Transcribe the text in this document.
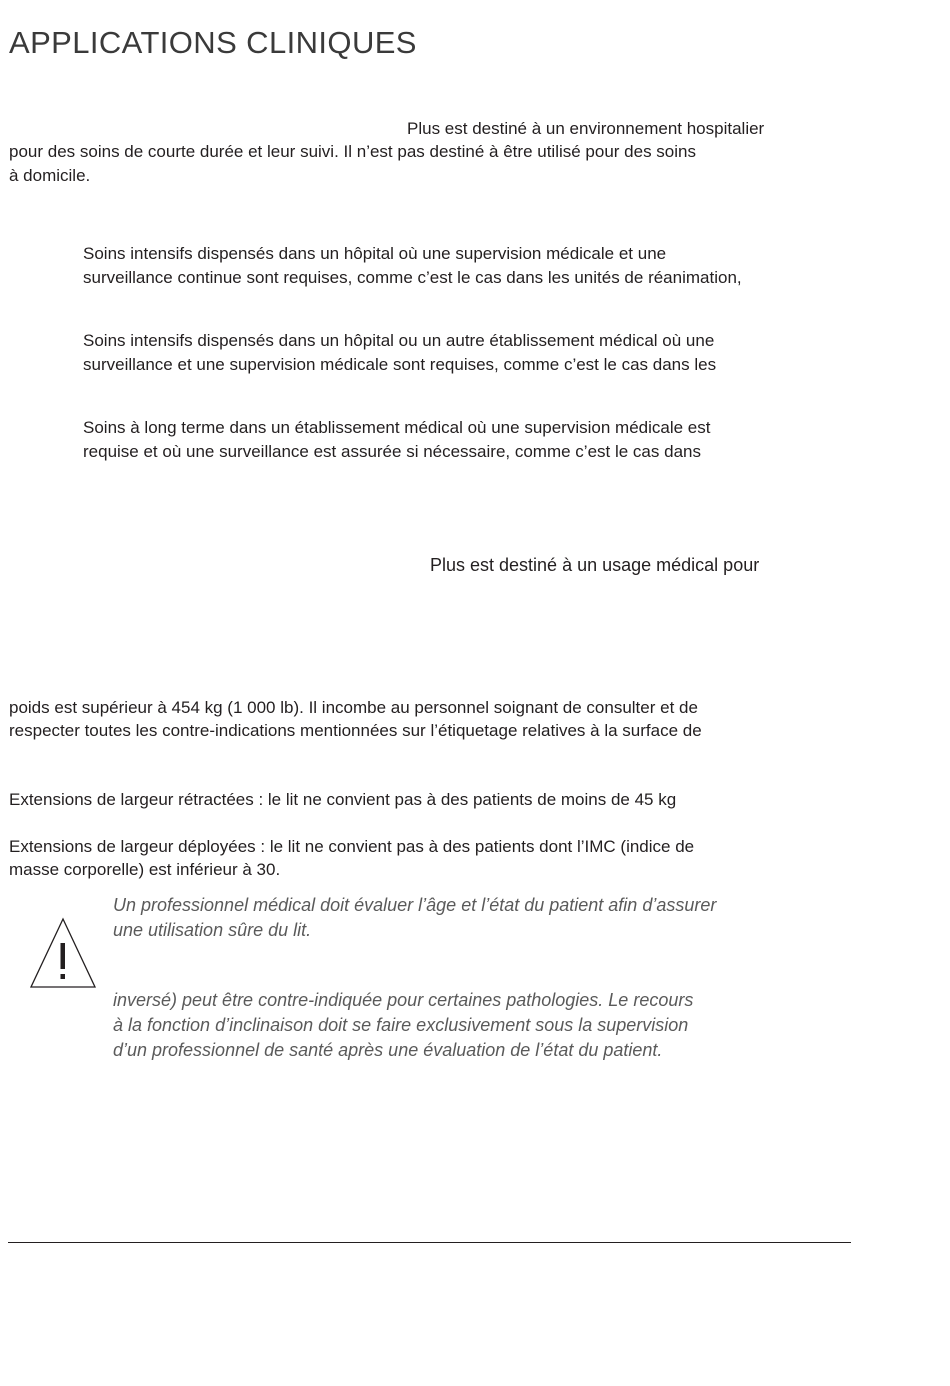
APPLICATIONS CLINIQUES
Plus est destiné à un environnement hospitalier
pour des soins de courte durée et leur suivi. Il n’est pas destiné à être utilisé pour des soins
à domicile.
Soins intensifs dispensés dans un hôpital où une supervision médicale et une
surveillance continue sont requises, comme c’est le cas dans les unités de réanimation,
Soins intensifs dispensés dans un hôpital ou un autre établissement médical où une
surveillance et une supervision médicale sont requises, comme c’est le cas dans les
Soins à long terme dans un établissement médical où une supervision médicale est
requise et où une surveillance est assurée si nécessaire, comme c’est le cas dans
Plus est destiné à un usage médical pour
poids est supérieur à 454 kg (1 000 lb). Il incombe au personnel soignant de consulter et de
respecter toutes les contre-indications mentionnées sur l’étiquetage relatives à la surface de
Extensions de largeur rétractées : le lit ne convient pas à des patients de moins de 45 kg
Extensions de largeur déployées : le lit ne convient pas à des patients dont l’IMC (indice de
masse corporelle) est inférieur à 30.
Un professionnel médical doit évaluer l’âge et l’état du patient afin d’assurer
une utilisation sûre du lit.
inversé) peut être contre-indiquée pour certaines pathologies. Le recours
à la fonction d’inclinaison doit se faire exclusivement sous la supervision
d’un professionnel de santé après une évaluation de l’état du patient.
